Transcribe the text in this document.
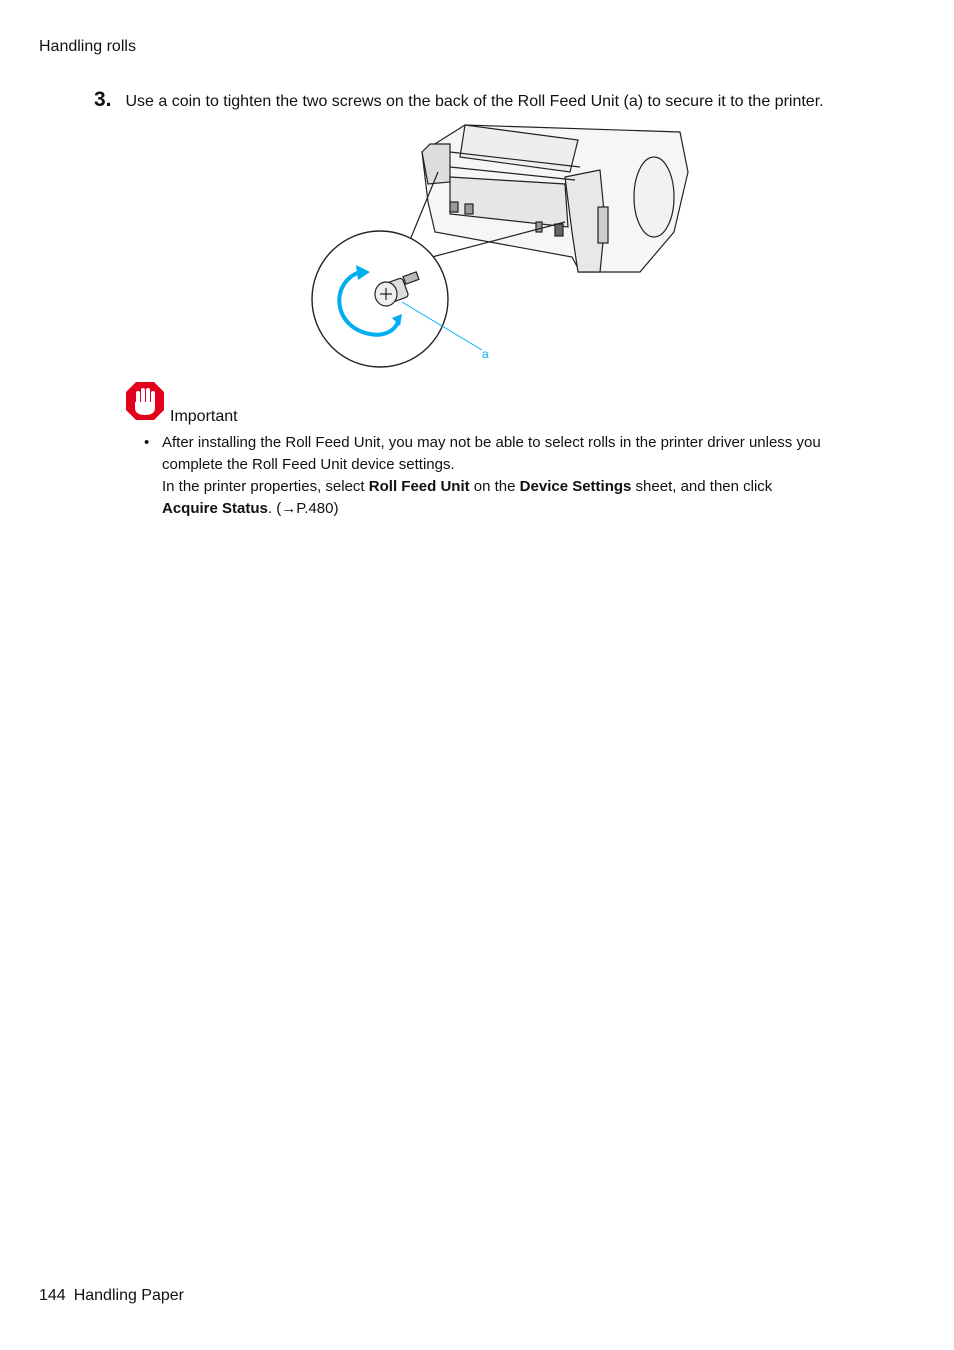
Handling rolls
3. Use a coin to tighten the two screws on the back of the Roll Feed Unit (a) to secure it to the printer.
a
Important
• After installing the Roll Feed Unit, you may not be able to select rolls in the printer driver unless you
complete the Roll Feed Unit device settings.
In the printer properties, select Roll Feed Unit on the Device Settings sheet, and then click
Acquire Status. (→P.480)
144 Handling Paper
